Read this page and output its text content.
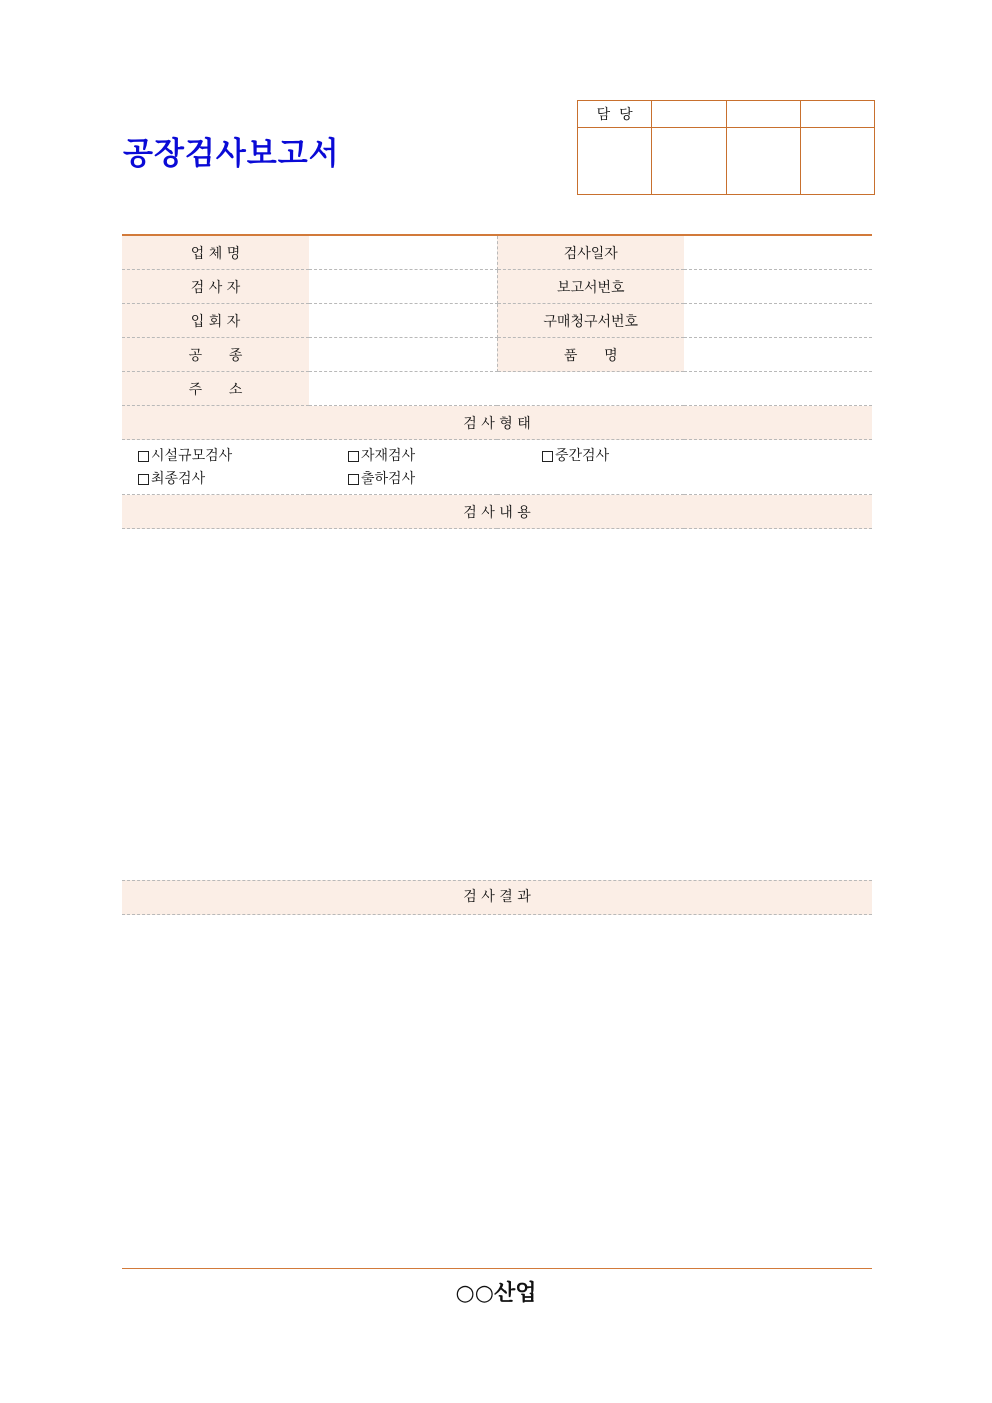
공장검사보고서
담  당			

업 체 명		검사일자	
검 사 자		보고서번호	
입 회 자		구매청구서번호	
공      종		품      명	
주      소			
검 사 형 태			

시설규모검사 자재검사 중간검사
최종검사 출하검사			

검 사 내 용			
검 사 결 과
○○산업
